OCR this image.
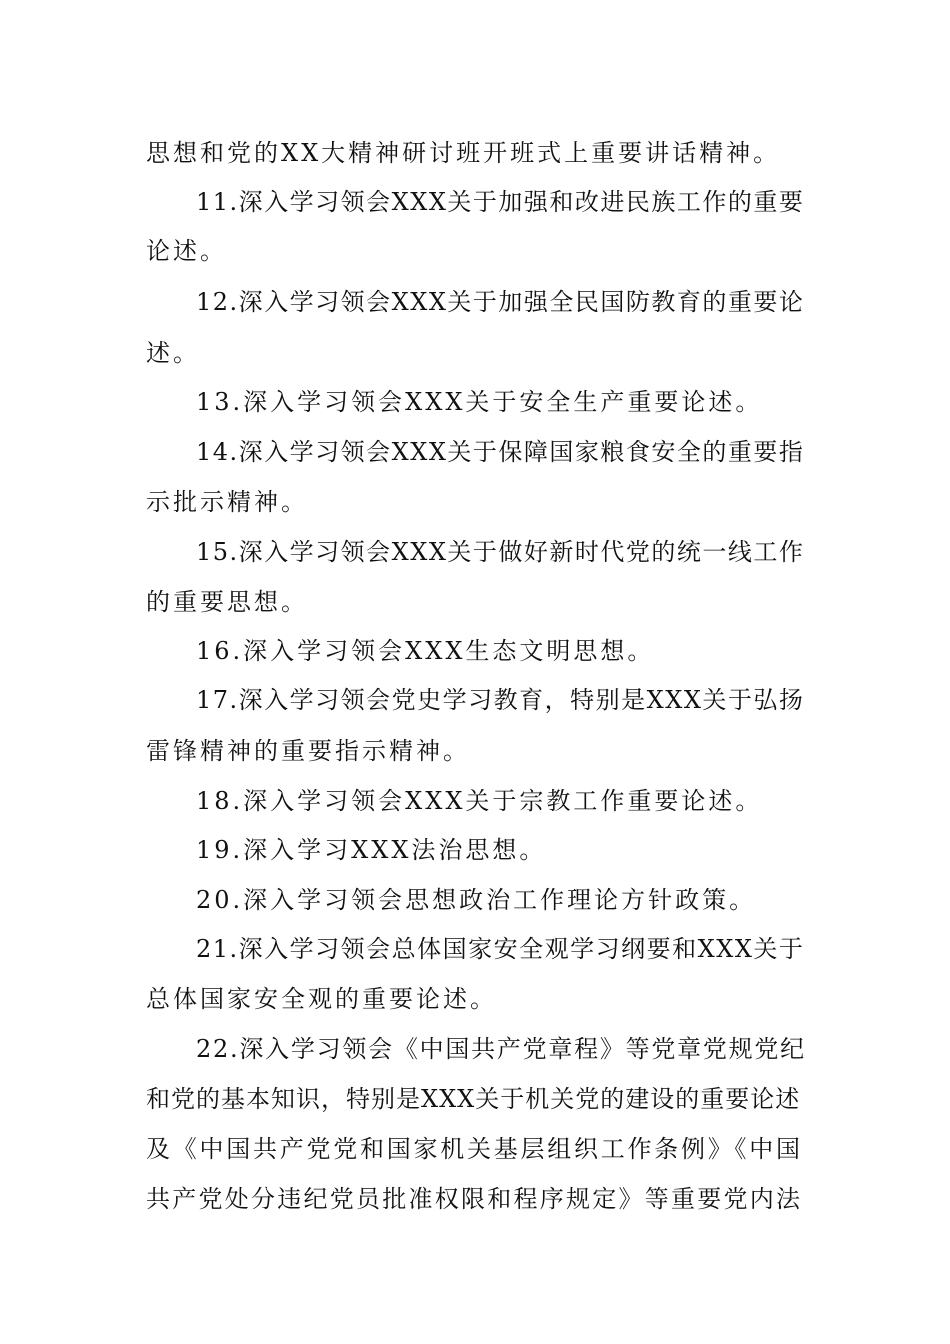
思想和党的XX大精神研讨班开班式上重要讲话精神。
11.深入学习领会XXX关于加强和改进民族工作的重要
论述。
12.深入学习领会XXX关于加强全民国防教育的重要论
述。
13.深入学习领会XXX关于安全生产重要论述。
14.深入学习领会XXX关于保障国家粮食安全的重要指
示批示精神。
15.深入学习领会XXX关于做好新时代党的统一线工作
的重要思想。
16.深入学习领会XXX生态文明思想。
17.深入学习领会党史学习教育，特别是XXX关于弘扬
雷锋精神的重要指示精神。
18.深入学习领会XXX关于宗教工作重要论述。
19.深入学习XXX法治思想。
20.深入学习领会思想政治工作理论方针政策。
21.深入学习领会总体国家安全观学习纲要和XXX关于
总体国家安全观的重要论述。
22.深入学习领会《中国共产党章程》等党章党规党纪
和党的基本知识，特别是XXX关于机关党的建设的重要论述
及《中国共产党党和国家机关基层组织工作条例》《中国
共产党处分违纪党员批准权限和程序规定》等重要党内法
